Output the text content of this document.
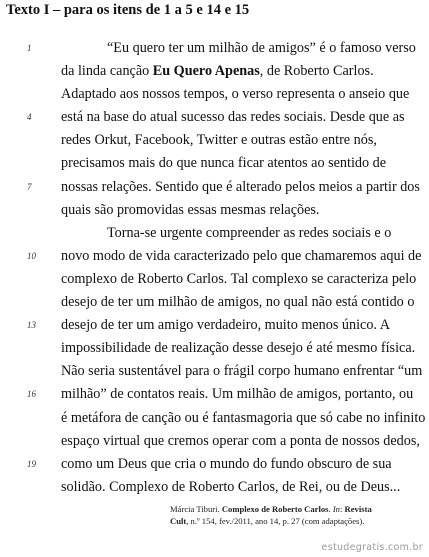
Texto I – para os itens de 1 a 5 e 14 e 15
1	“Eu quero ter um milhão de amigos” é o famoso verso
da linda canção Eu Quero Apenas, de Roberto Carlos.
Adaptado aos nossos tempos, o verso representa o anseio que
4	está na base do atual sucesso das redes sociais. Desde que as
redes Orkut, Facebook, Twitter e outras estão entre nós,
precisamos mais do que nunca ficar atentos ao sentido de
7	nossas relações. Sentido que é alterado pelos meios a partir dos
quais são promovidas essas mesmas relações.
Torna-se urgente compreender as redes sociais e o
10	novo modo de vida caracterizado pelo que chamaremos aqui de
complexo de Roberto Carlos. Tal complexo se caracteriza pelo
desejo de ter um milhão de amigos, no qual não está contido o
13	desejo de ter um amigo verdadeiro, muito menos único. A
impossibilidade de realização desse desejo é até mesmo física.
Não seria sustentável para o frágil corpo humano enfrentar “um
16	milhão” de contatos reais. Um milhão de amigos, portanto, ou
é metáfora de canção ou é fantasmagoria que só cabe no infinito
espaço virtual que cremos operar com a ponta de nossos dedos,
19	como um Deus que cria o mundo do fundo obscuro de sua
solidão. Complexo de Roberto Carlos, de Rei, ou de Deus...
Márcia Tiburi. Complexo de Roberto Carlos. In: Revista
Cult, n.º 154, fev./2011, ano 14, p. 27 (com adaptações).
estudegratis.com.br
